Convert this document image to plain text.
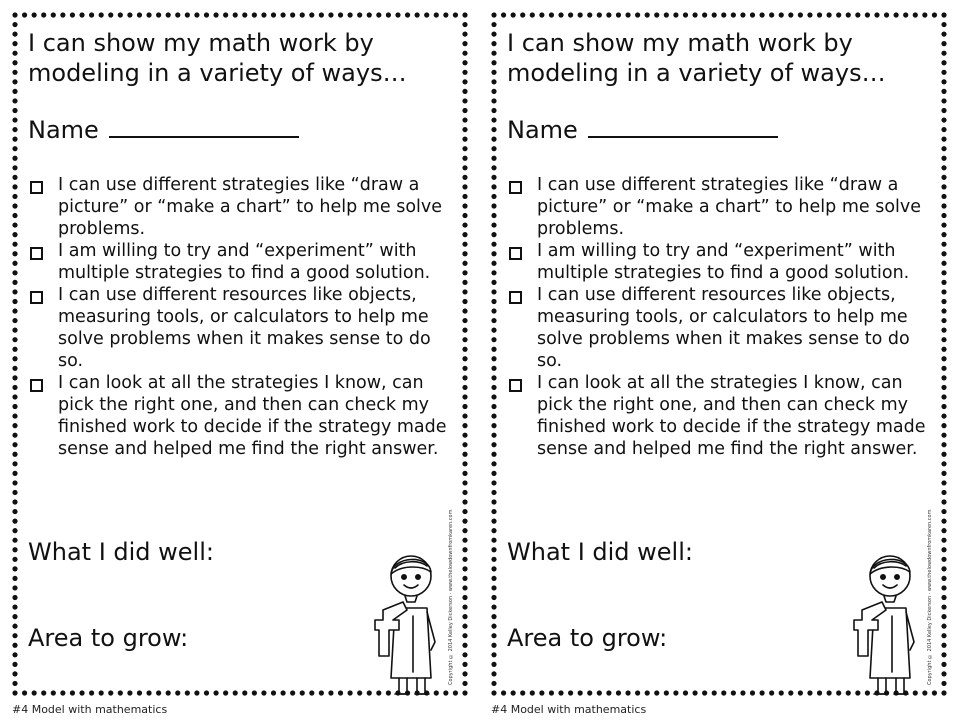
I can show my math work by modeling in a variety of ways…
Name
I can use different strategies like “draw a picture” or “make a chart” to help me solve problems.
I am willing to try and “experiment” with multiple strategies to find a good solution.
I can use different resources like objects, measuring tools, or calculators to help me solve problems when it makes sense to do so.
I can look at all the strategies I know, can pick the right one, and then can check my finished work to decide if the strategy made sense and helped me find the right answer.
What I did well:
Area to grow:	Copyright © 2014 Kelley Dickerson · www.thelowdownfromkaren.com
#4 Model with mathematics
I can show my math work by modeling in a variety of ways…
Name
I can use different strategies like “draw a picture” or “make a chart” to help me solve problems.
I am willing to try and “experiment” with multiple strategies to find a good solution.
I can use different resources like objects, measuring tools, or calculators to help me solve problems when it makes sense to do so.
I can look at all the strategies I know, can pick the right one, and then can check my finished work to decide if the strategy made sense and helped me find the right answer.
What I did well:
Area to grow:	Copyright © 2014 Kelley Dickerson · www.thelowdownfromkaren.com
#4 Model with mathematics
